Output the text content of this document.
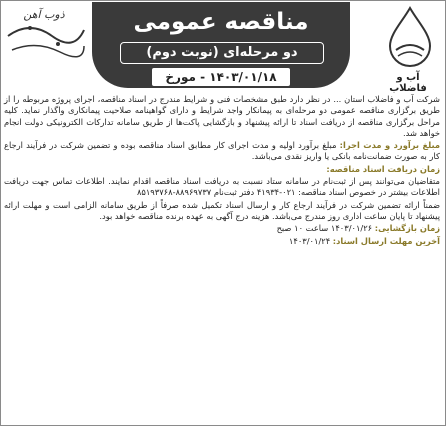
آب و فاضلاب
مناقصه عمومی
دو مرحله‌ای (نوبت دوم)
۱۴۰۳/۰۱/۱۸ - مورخ
ذوب آهن

شرکت آب و فاضلاب استان ... در نظر دارد طبق مشخصات فنی و شرایط مندرج در اسناد مناقصه، اجرای پروژه مربوطه را از طریق برگزاری مناقصه عمومی دو مرحله‌ای به پیمانکار واجد شرایط و دارای گواهینامه صلاحیت پیمانکاری واگذار نماید. کلیه مراحل برگزاری مناقصه از دریافت اسناد تا ارائه پیشنهاد و بازگشایی پاکت‌ها از طریق سامانه تدارکات الکترونیکی دولت انجام خواهد شد.

مبلغ برآورد و مدت اجرا: مبلغ برآورد اولیه و مدت اجرای کار مطابق اسناد مناقصه بوده و تضمین شرکت در فرآیند ارجاع کار به صورت ضمانت‌نامه بانکی یا واریز نقدی می‌باشد.

زمان دریافت اسناد مناقصه:

متقاضیان می‌توانند پس از ثبت‌نام در سامانه ستاد نسبت به دریافت اسناد مناقصه اقدام نمایند. اطلاعات تماس جهت دریافت اطلاعات بیشتر در خصوص اسناد مناقصه: ۰۲۱-۴۱۹۳۴ دفتر ثبت‌نام ۸۸۹۶۹۷۳۷-۸۵۱۹۳۷۶۸

ضمناً ارائه تضمین شرکت در فرآیند ارجاع کار و ارسال اسناد تکمیل شده صرفاً از طریق سامانه الزامی است و مهلت ارائه پیشنهاد تا پایان ساعت اداری روز مندرج می‌باشد. هزینه درج آگهی به عهده برنده مناقصه خواهد بود.

زمان بازگشایی: ۱۴۰۳/۰۱/۲۶ ساعت ۱۰ صبح

آخرین مهلت ارسال اسناد: ۱۴۰۳/۰۱/۲۴
